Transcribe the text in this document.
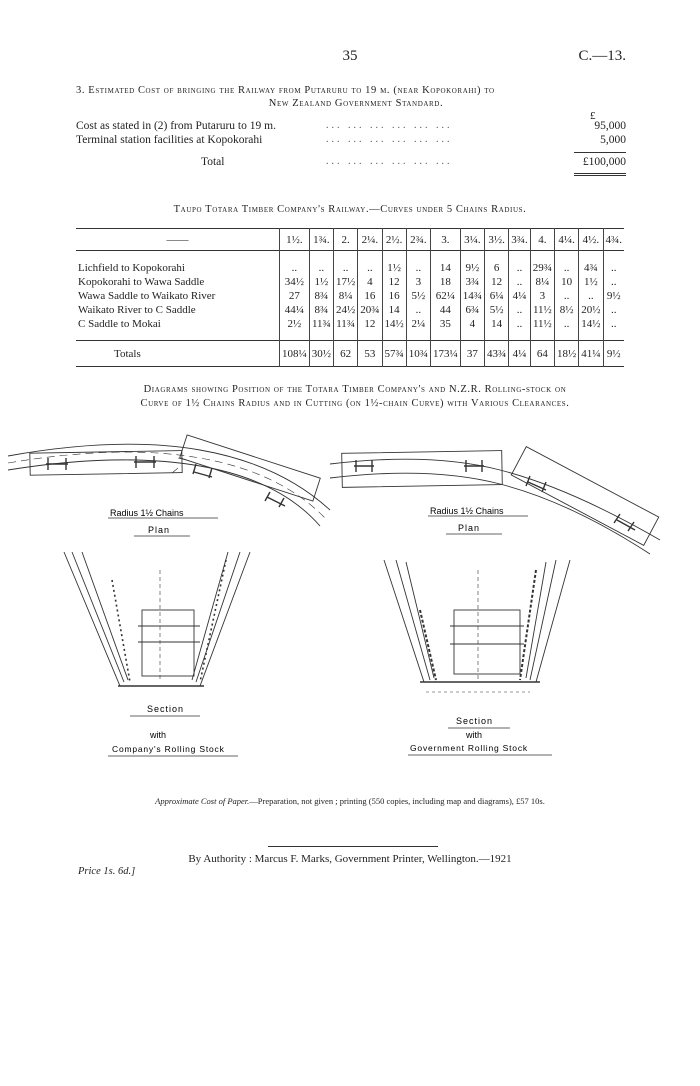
35	C.—13.
3. Estimated Cost of bringing the Railway from Putaruru to 19 m. (near Kopokorahi) to
New Zealand Government Standard.
£
Cost as stated in (2) from Putaruru to 19 m.	... ... ... ... ... ...	95,000
Terminal station facilities at Kopokorahi	... ... ... ... ... ...	5,000
Total	... ... ... ... ... ...	£100,000
Taupo Totara Timber Company's Railway.—Curves under 5 Chains Radius.
——	1½.	1¾.	2.	2¼.	2½.	2¾.	3.	3¼.	3½.	3¾.	4.	4¼.	4½.	4¾.

Lichfield to Kopokorahi	..	..	..	..	1½	..	14	9½	6	..	29¾	..	4¾	..
Kopokorahi to Wawa Saddle	34½	1½	17½	4	12	3	18	3¾	12	..	8¼	10	1½	..
Wawa Saddle to Waikato River	27	8¾	8¼	16	16	5½	62¼	14¾	6¼	4¼	3	..	..	9½
Waikato River to C Saddle	44¼	8¾	24½	20¾	14	..	44	6¾	5½	..	11½	8½	20½	..
C Saddle to Mokai	2½	11¾	11¾	12	14½	2¼	35	4	14	..	11½	..	14½	..

Totals	108¼	30½	62	53	57¾	10¾	173¼	37	43¾	4¼	64	18½	41¼	9½
Diagrams showing Position of the Totara Timber Company's and N.Z.R. Rolling-stock on
Curve of 1½ Chains Radius and in Cutting (on 1½-chain Curve) with Various Clearances.
Radius 1½ Chains
Plan
Radius 1½ Chains
Plan
Section
with
Company's Rolling Stock
Section
with
Government Rolling Stock
Approximate Cost of Paper.—Preparation, not given ; printing (550 copies, including map and diagrams), £57 10s.
By Authority : Marcus F. Marks, Government Printer, Wellington.—1921
Price 1s. 6d.]
